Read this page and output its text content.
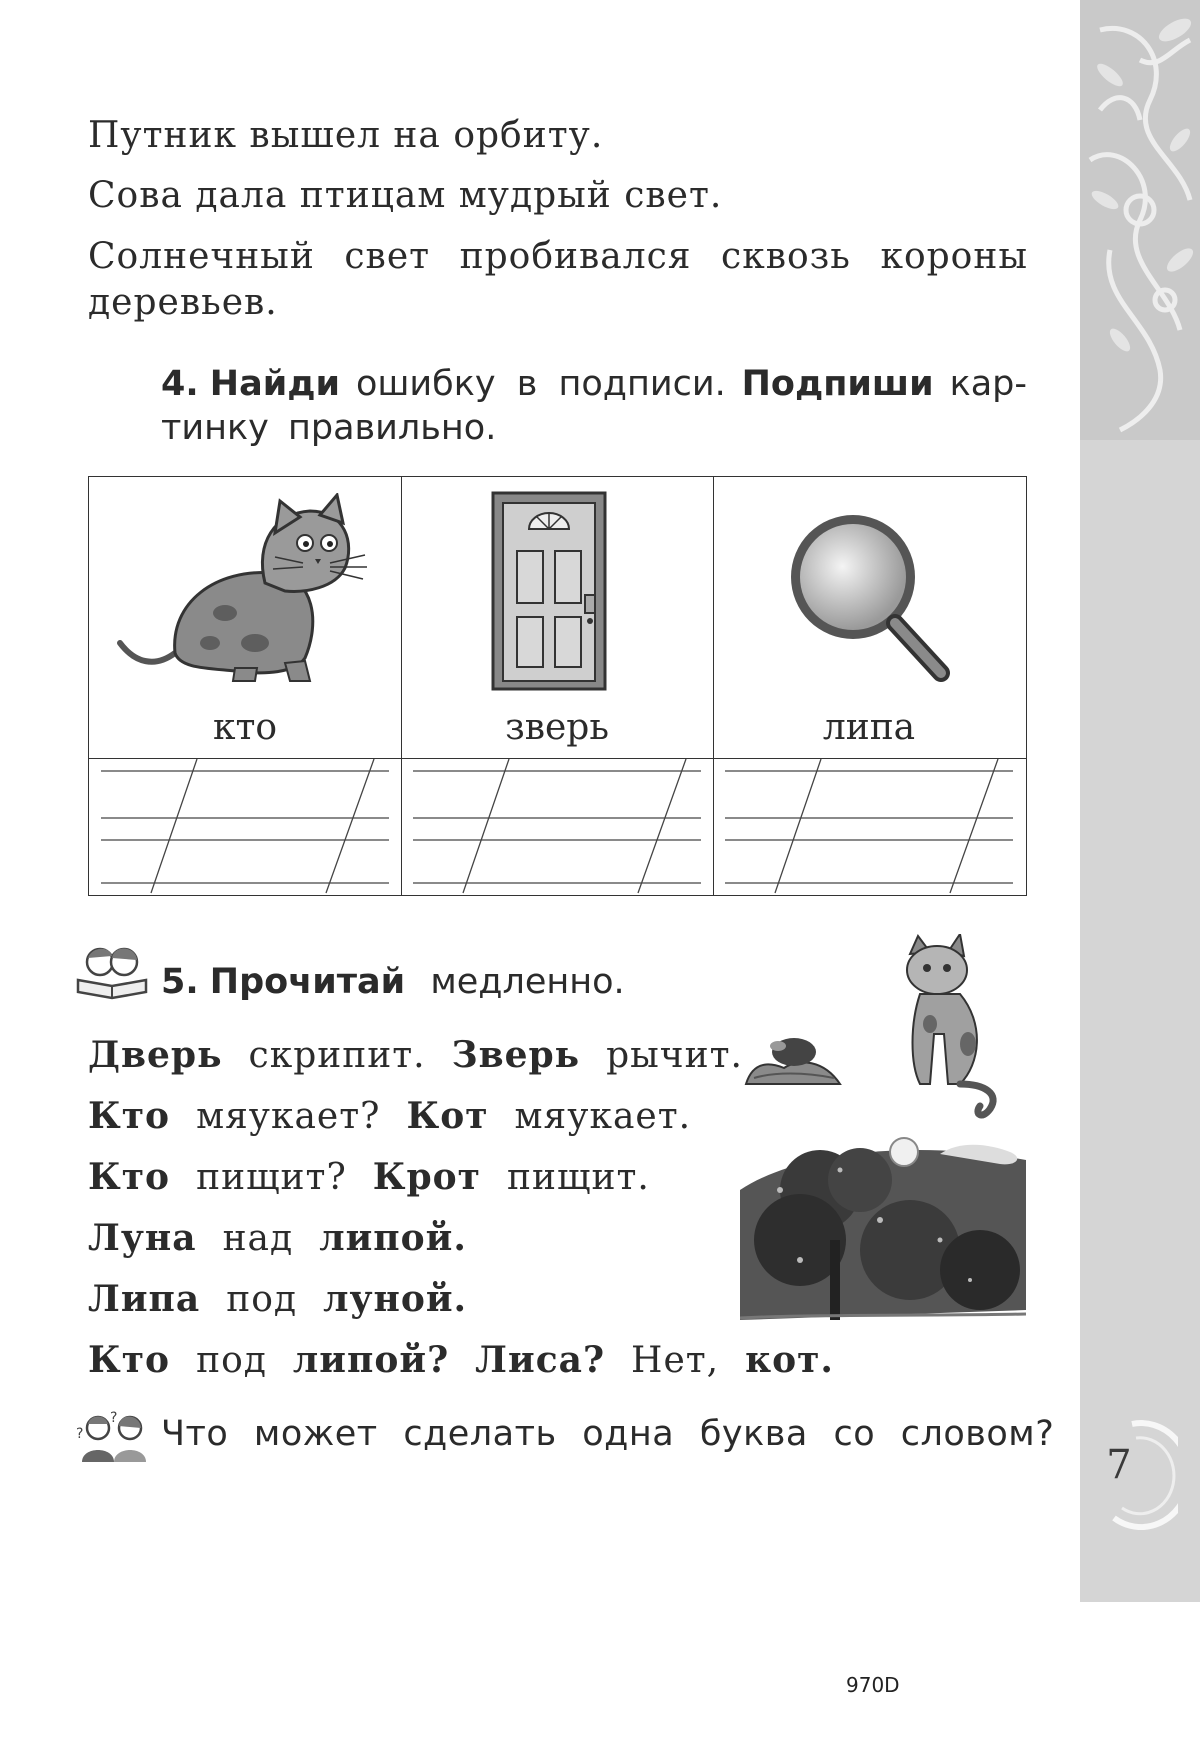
7
Путник вышел на орбиту.
Сова дала птицам мудрый свет.
Солнечный свет пробивался сквозь короны
деревьев.
4. Найди ошибку в подписи. Подпиши кар-
тинку правильно.
кто	зверь	липа
5. Прочитай медленно.
Дверь скрипит. Зверь рычит.
Кто мяукает? Кот мяукает.
Кто пищит? Крот пищит.
Луна над липой.
Липа под луной.
Кто под липой? Лиса? Нет, кот.
?
? Что может сделать одна буква со словом?
970D
